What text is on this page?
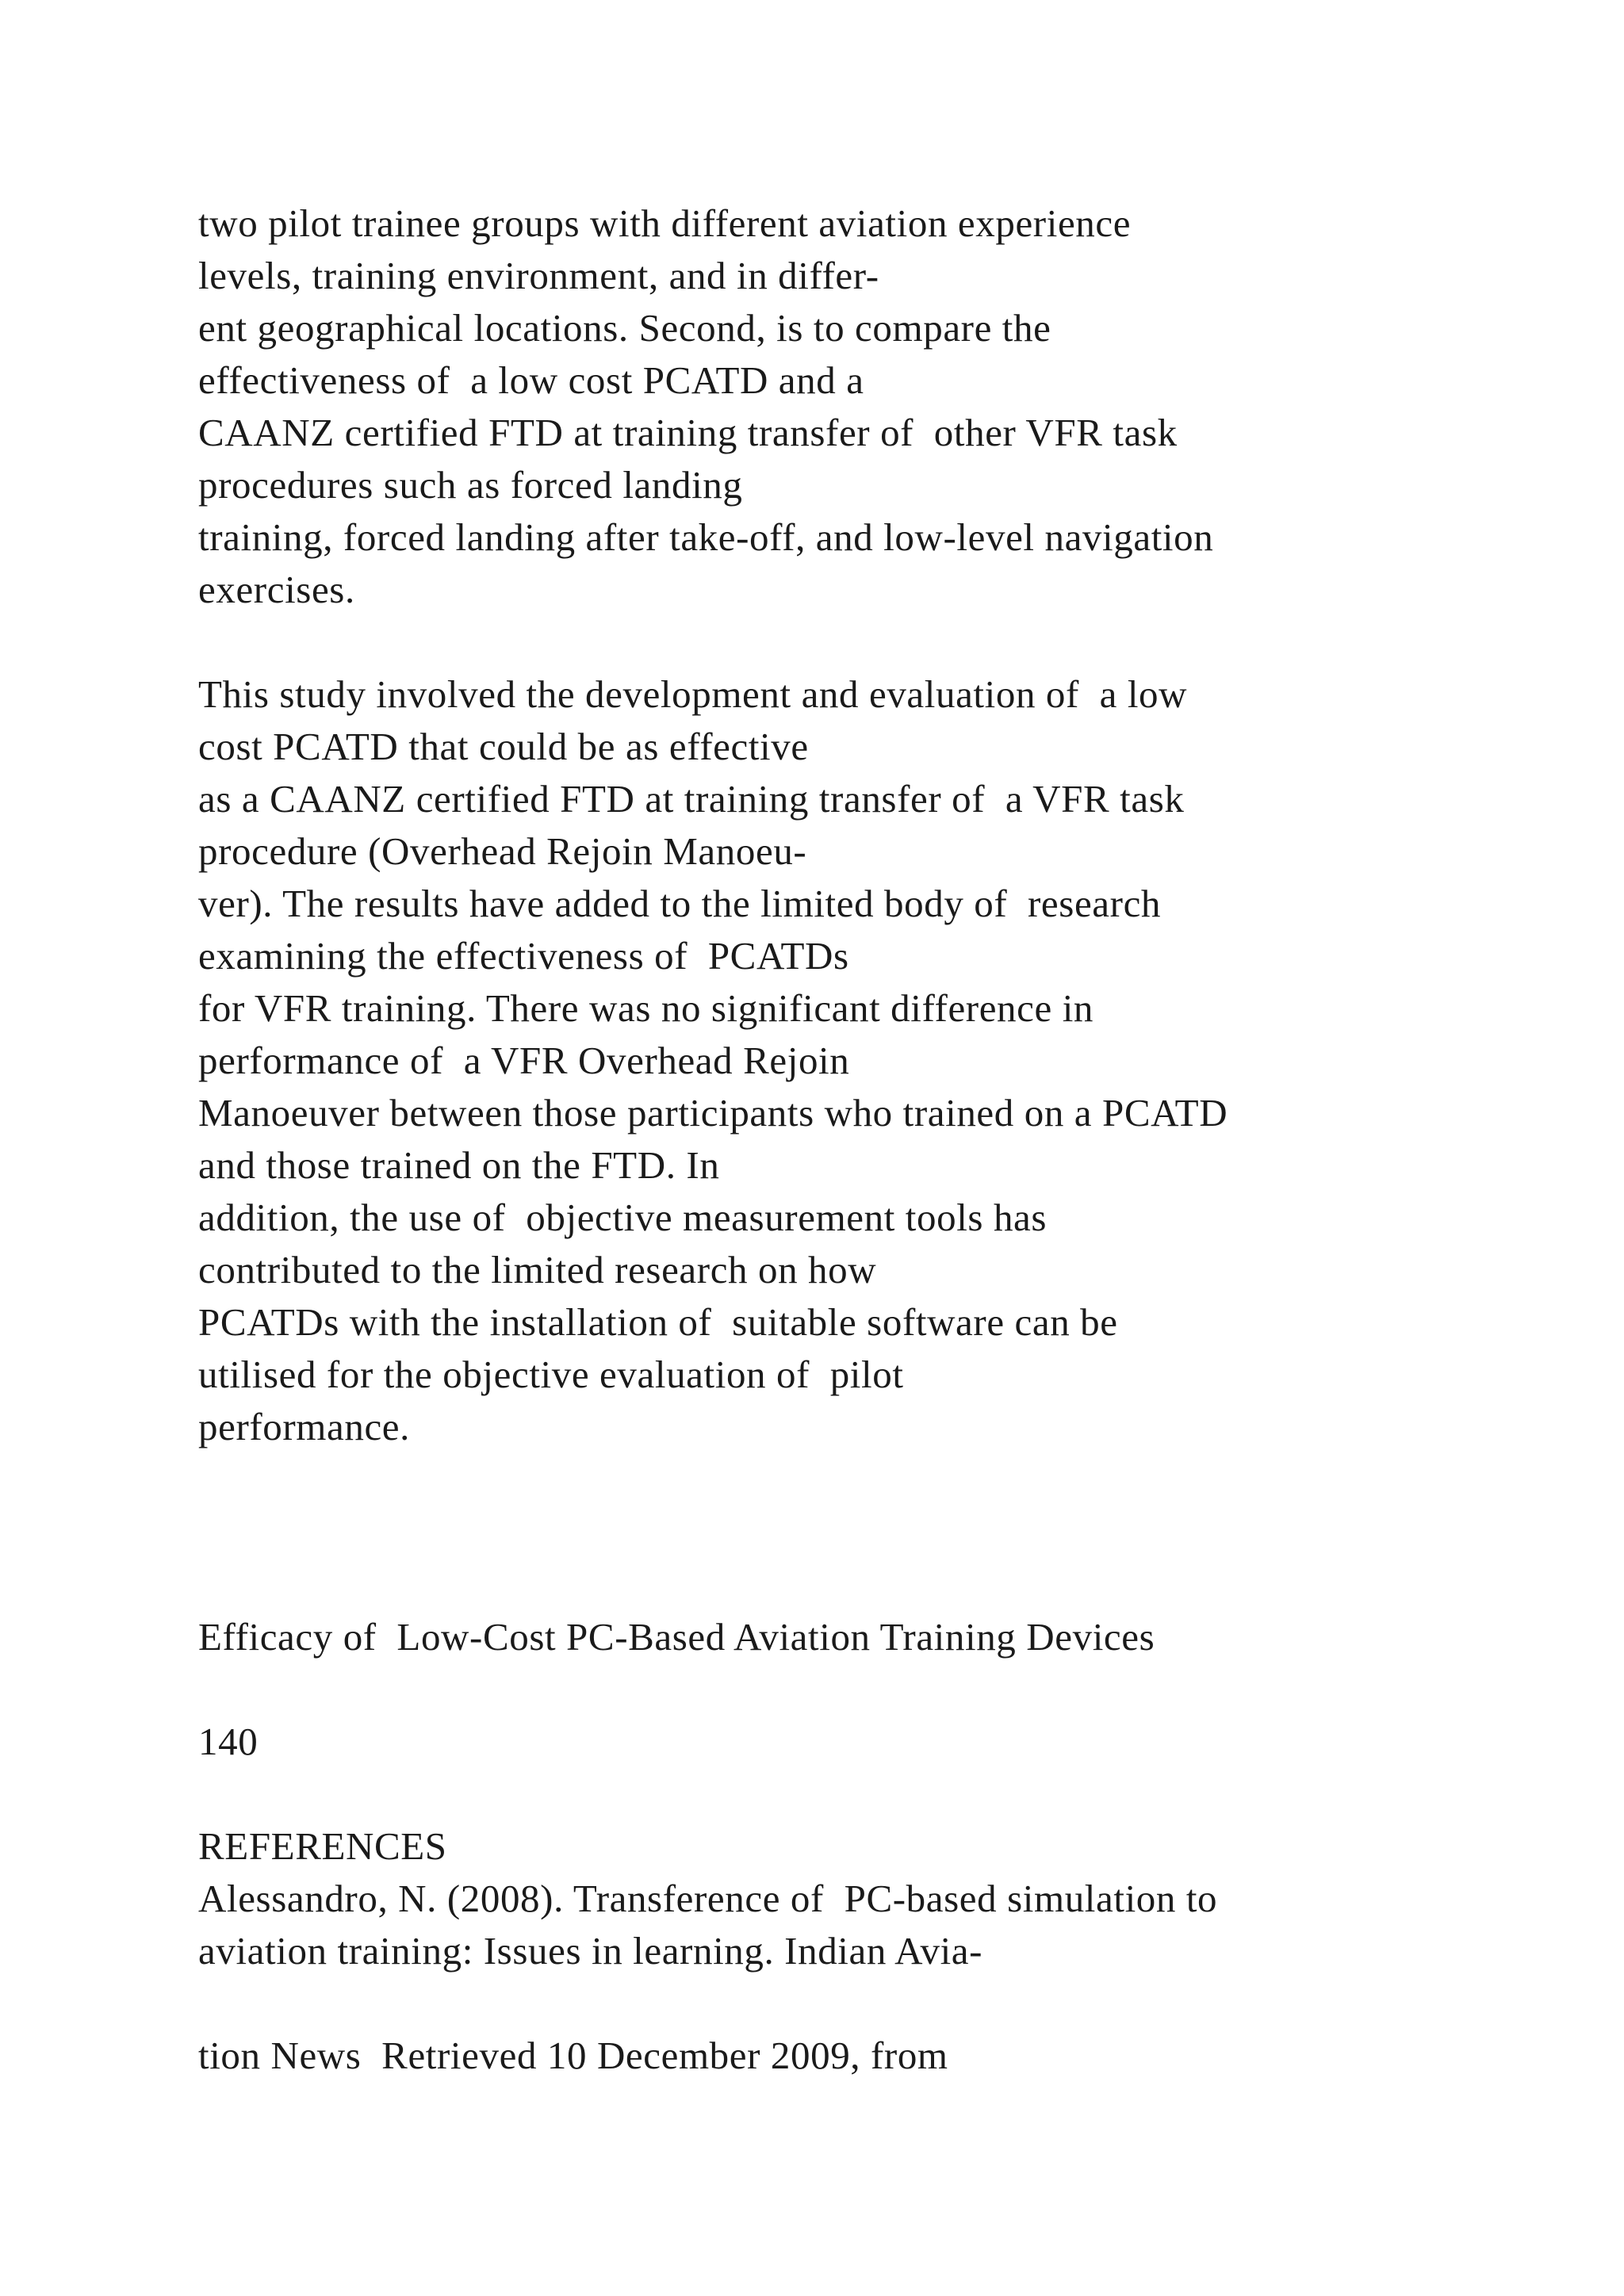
two pilot trainee groups with different aviation experience
levels, training environment, and in differ-
ent geographical locations. Second, is to compare the
effectiveness of  a low cost PCATD and a
CAANZ certified FTD at training transfer of  other VFR task
procedures such as forced landing
training, forced landing after take-off, and low-level navigation
exercises.
This study involved the development and evaluation of  a low
cost PCATD that could be as effective
as a CAANZ certified FTD at training transfer of  a VFR task
procedure (Overhead Rejoin Manoeu-
ver). The results have added to the limited body of  research
examining the effectiveness of  PCATDs
for VFR training. There was no significant difference in
performance of  a VFR Overhead Rejoin
Manoeuver between those participants who trained on a PCATD
and those trained on the FTD. In
addition, the use of  objective measurement tools has
contributed to the limited research on how
PCATDs with the installation of  suitable software can be
utilised for the objective evaluation of  pilot
performance.
Efficacy of  Low-Cost PC-Based Aviation Training Devices
140
REFERENCES
Alessandro, N. (2008). Transference of  PC-based simulation to
aviation training: Issues in learning. Indian Avia-
tion News  Retrieved 10 December 2009, from
